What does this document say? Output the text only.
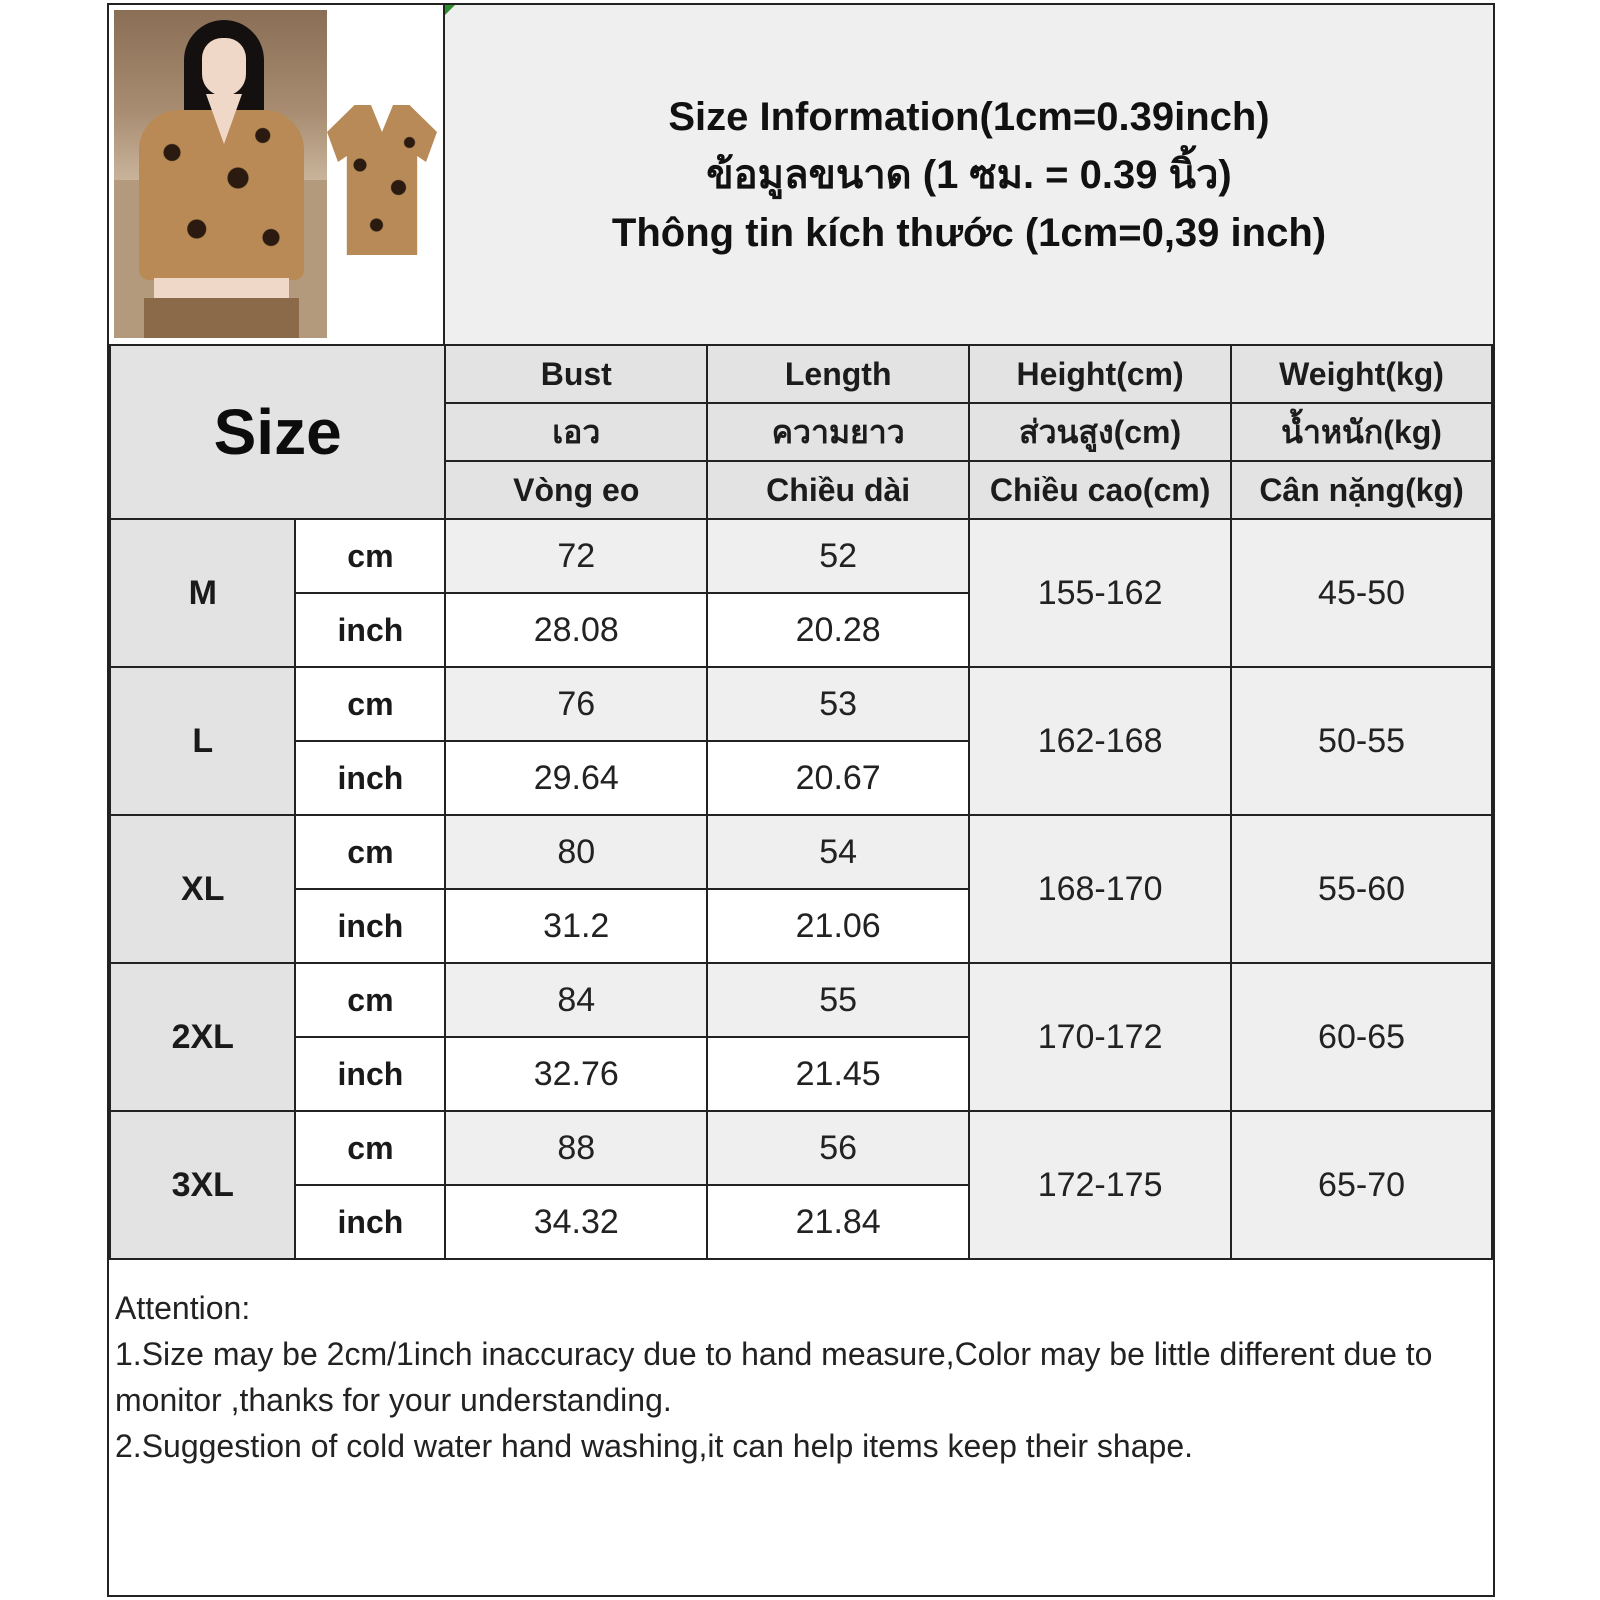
Size Information(1cm=0.39inch)
ข้อมูลขนาด (1 ซม. = 0.39 นิ้ว)
Thông tin kích thước (1cm=0,39 inch)
Size		Bust	Length	Height(cm)	Weight(kg)
		เอว	ความยาว	ส่วนสูง(cm)	น้ำหนัก(kg)
		Vòng eo	Chiều dài	Chiều cao(cm)	Cân nặng(kg)
M	cm	72	52	155-162	45-50
	inch	28.08	20.28		
L	cm	76	53	162-168	50-55
	inch	29.64	20.67		
XL	cm	80	54	168-170	55-60
	inch	31.2	21.06		
2XL	cm	84	55	170-172	60-65
	inch	32.76	21.45		
3XL	cm	88	56	172-175	65-70
	inch	34.32	21.84		
Attention:
1.Size may be 2cm/1inch inaccuracy due to hand measure,Color may be little different due to monitor ,thanks for your understanding.
2.Suggestion of cold water hand washing,it can help items keep their shape.
